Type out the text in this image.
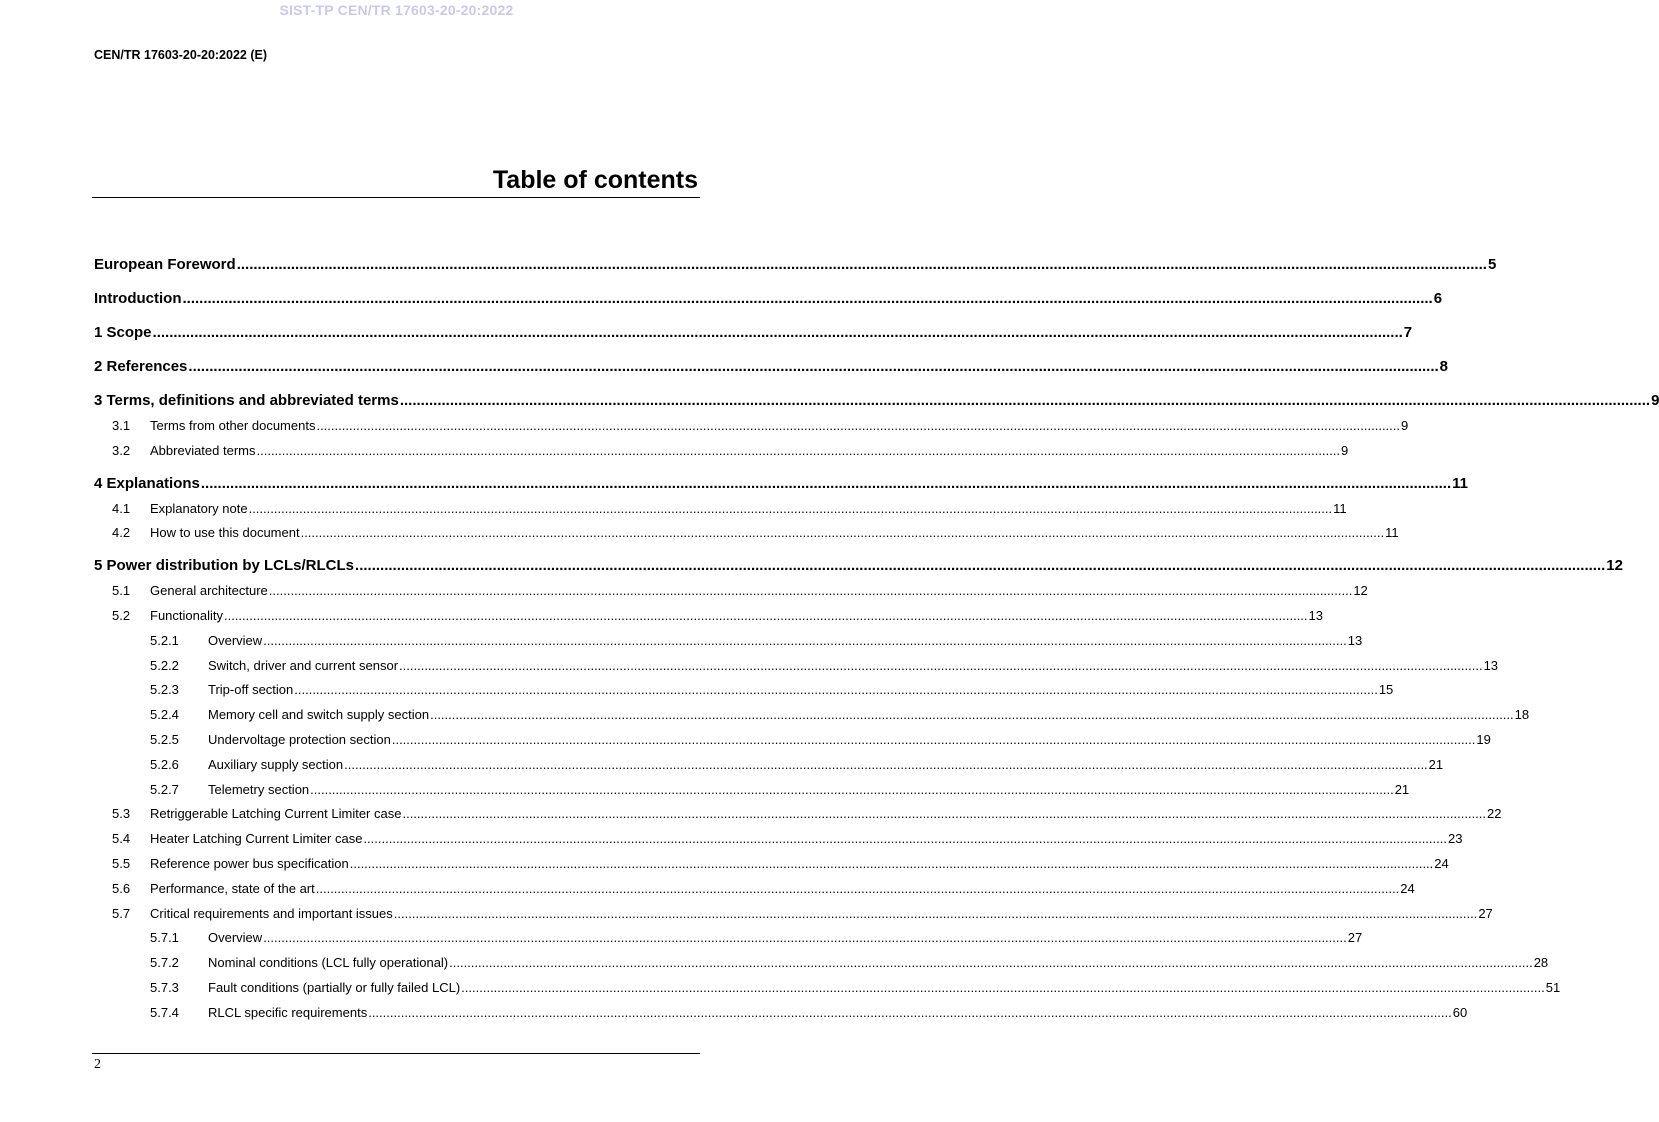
SIST-TP CEN/TR 17603-20-20:2022
CEN/TR 17603-20-20:2022 (E)
Table of contents
European Foreword ............................................................................................................................................................................................................................................................................................................ 5
Introduction ............................................................................................................................................................................................................................................................................................................ 6
1 Scope ............................................................................................................................................................................................................................................................................................................ 7
2 References ............................................................................................................................................................................................................................................................................................................ 8
3 Terms, definitions and abbreviated terms ............................................................................................................................................................................................................................................................................................................ 9
3.1	Terms from other documents ............................................................................................................................................................................................................................................................................................................ 9
3.2	Abbreviated terms ............................................................................................................................................................................................................................................................................................................ 9
4 Explanations ............................................................................................................................................................................................................................................................................................................ 11
4.1	Explanatory note ............................................................................................................................................................................................................................................................................................................ 11
4.2	How to use this document ............................................................................................................................................................................................................................................................................................................ 11
5 Power distribution by LCLs/RLCLs ............................................................................................................................................................................................................................................................................................................ 12
5.1	General architecture ............................................................................................................................................................................................................................................................................................................ 12
5.2	Functionality ............................................................................................................................................................................................................................................................................................................ 13
5.2.1	Overview ............................................................................................................................................................................................................................................................................................................ 13
5.2.2	Switch, driver and current sensor ............................................................................................................................................................................................................................................................................................................ 13
5.2.3	Trip-off section ............................................................................................................................................................................................................................................................................................................ 15
5.2.4	Memory cell and switch supply section ............................................................................................................................................................................................................................................................................................................ 18
5.2.5	Undervoltage protection section ............................................................................................................................................................................................................................................................................................................ 19
5.2.6	Auxiliary supply section ............................................................................................................................................................................................................................................................................................................ 21
5.2.7	Telemetry section ............................................................................................................................................................................................................................................................................................................ 21
5.3	Retriggerable Latching Current Limiter case ............................................................................................................................................................................................................................................................................................................ 22
5.4	Heater Latching Current Limiter case ............................................................................................................................................................................................................................................................................................................ 23
5.5	Reference power bus specification ............................................................................................................................................................................................................................................................................................................ 24
5.6	Performance, state of the art ............................................................................................................................................................................................................................................................................................................ 24
5.7	Critical requirements and important issues ............................................................................................................................................................................................................................................................................................................ 27
5.7.1	Overview ............................................................................................................................................................................................................................................................................................................ 27
5.7.2	Nominal conditions (LCL fully operational) ............................................................................................................................................................................................................................................................................................................ 28
5.7.3	Fault conditions (partially or fully failed LCL) ............................................................................................................................................................................................................................................................................................................ 51
5.7.4	RLCL specific requirements ............................................................................................................................................................................................................................................................................................................ 60
2
